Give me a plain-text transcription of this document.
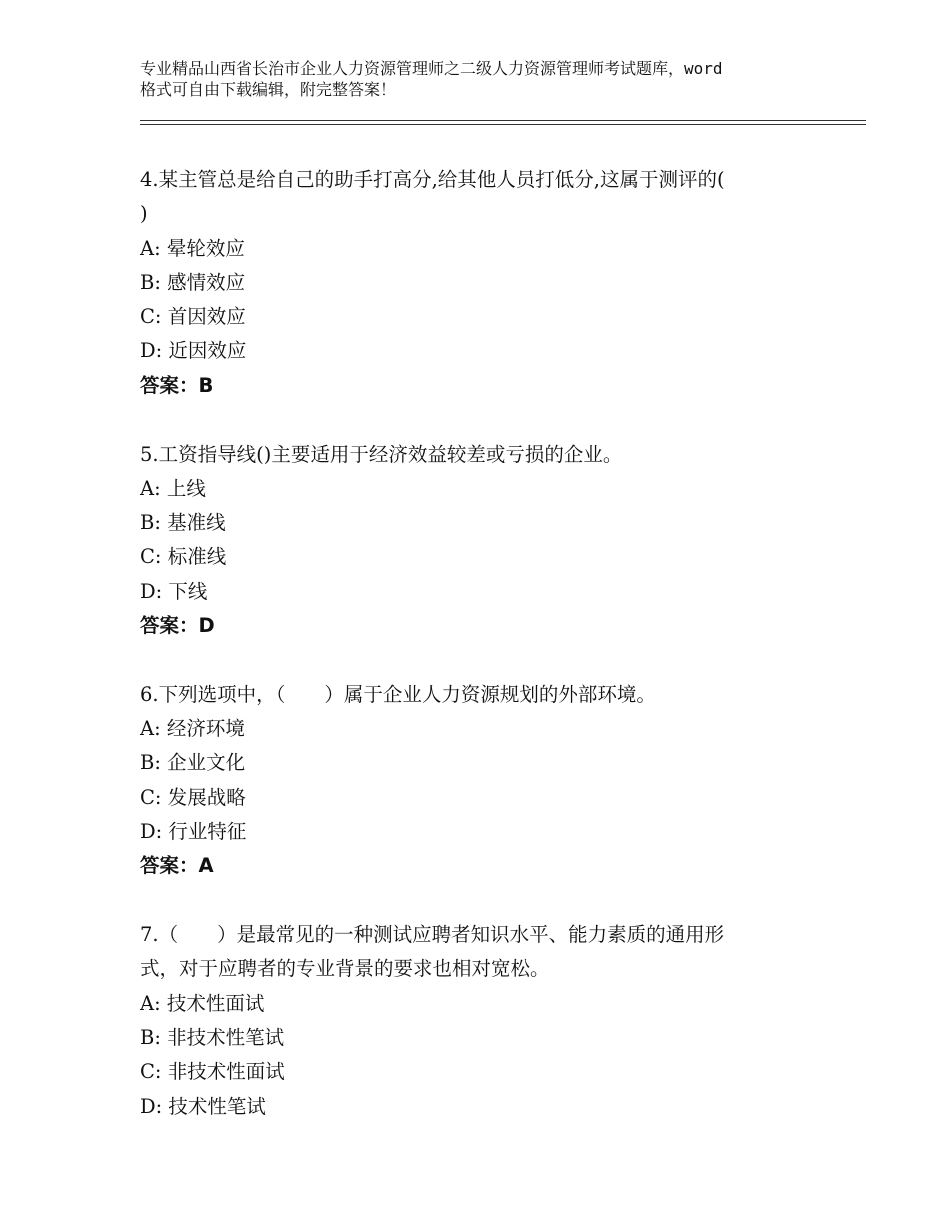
专业精品山西省长治市企业人力资源管理师之二级人力资源管理师考试题库，word
格式可自由下载编辑，附完整答案！
4.某主管总是给自己的助手打高分,给其他人员打低分,这属于测评的(
)
A: 晕轮效应
B: 感情效应
C: 首因效应
D: 近因效应
答案：B
5.工资指导线()主要适用于经济效益较差或亏损的企业。
A: 上线
B: 基准线
C: 标准线
D: 下线
答案：D
6.下列选项中，（　　）属于企业人力资源规划的外部环境。
A: 经济环境
B: 企业文化
C: 发展战略
D: 行业特征
答案：A
7.（　　）是最常见的一种测试应聘者知识水平、能力素质的通用形
式，对于应聘者的专业背景的要求也相对宽松。
A: 技术性面试
B: 非技术性笔试
C: 非技术性面试
D: 技术性笔试
